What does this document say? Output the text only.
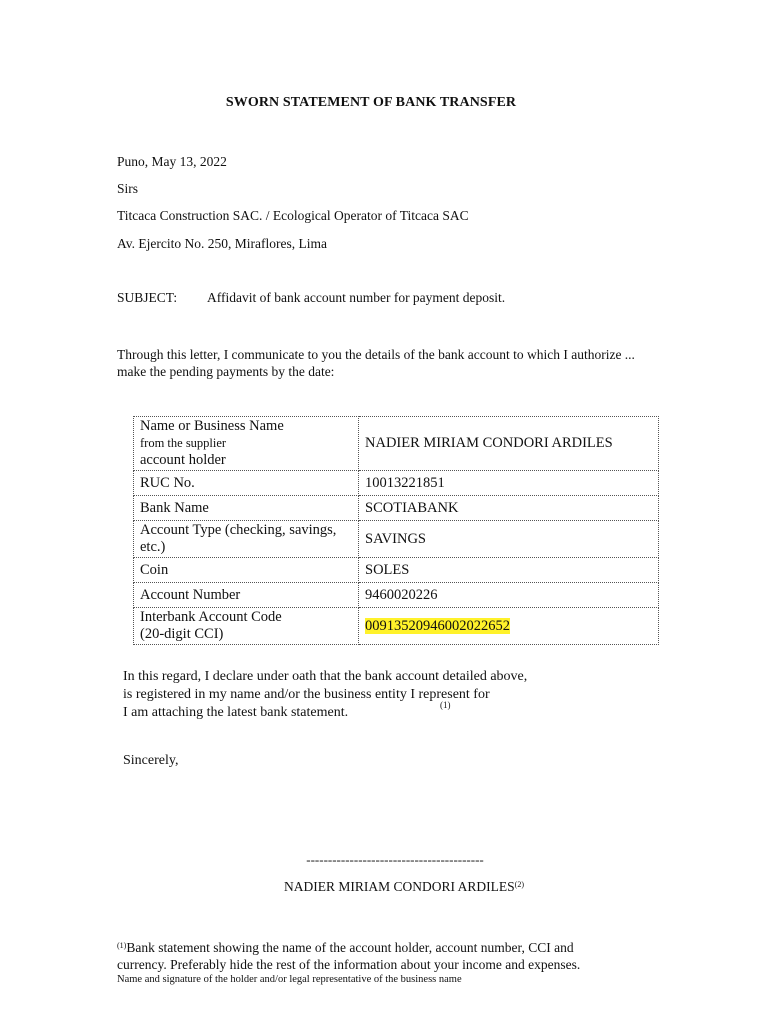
SWORN STATEMENT OF BANK TRANSFER
Puno, May 13, 2022
Sirs
Titcaca Construction SAC. / Ecological Operator of Titcaca SAC
Av. Ejercito No. 250, Miraflores, Lima
SUBJECT: Affidavit of bank account number for payment deposit.
Through this letter, I communicate to you the details of the bank account to which I authorize ...
make the pending payments by the date:
Name or Business Name
from the supplier
account holder	NADIER MIRIAM CONDORI ARDILES
RUC No.	10013221851
Bank Name	SCOTIABANK

Account Type (checking, savings,
etc.)	SAVINGS
Coin	SOLES
Account Number	9460020226

Interbank Account Code
(20-digit CCI)	00913520946002022652
In this regard, I declare under oath that the bank account detailed above,
is registered in my name and/or the business entity I represent for
I am attaching the latest bank statement.	(1)
Sincerely,
-----------------------------------------
NADIER MIRIAM CONDORI ARDILES$^{(2)}$
$^{(1)}$Bank statement showing the name of the account holder, account number, CCI and
currency. Preferably hide the rest of the information about your income and expenses.
Name and signature of the holder and/or legal representative of the business name
